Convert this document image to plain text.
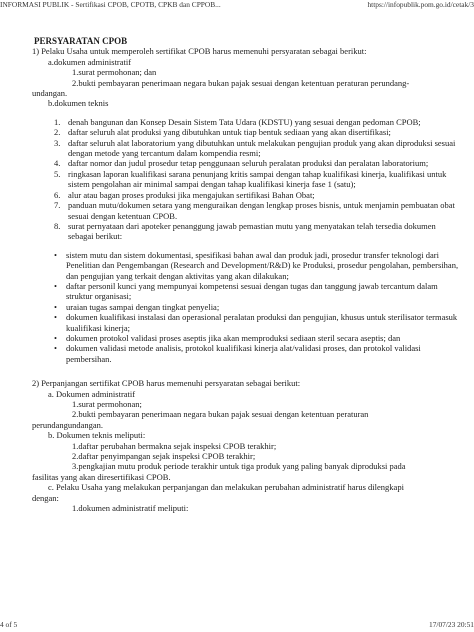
INFORMASI PUBLIK - Sertifikasi CPOB, CPOTB, CPKB dan CPPOB...	https://infopublik.pom.go.id/cetak/3

PERSYARATAN CPOB

1) Pelaku Usaha untuk memperoleh sertifikat CPOB harus memenuhi persyaratan sebagai berikut:

a.dokumen administratif

1.surat permohonan; dan

2.bukti pembayaran penerimaan negara bukan pajak sesuai dengan ketentuan peraturan perundang-

undangan.

b.dokumen teknis

1. denah bangunan dan Konsep Desain Sistem Tata Udara (KDSTU) yang sesuai dengan pedoman CPOB;
2. daftar seluruh alat produksi yang dibutuhkan untuk tiap bentuk sediaan yang akan disertifikasi;
3. daftar seluruh alat laboratorium yang dibutuhkan untuk melakukan pengujian produk yang akan diproduksi sesuai dengan metode yang tercantum dalam kompendia resmi;
4. daftar nomor dan judul prosedur tetap penggunaan seluruh peralatan produksi dan peralatan laboratorium;
5. ringkasan laporan kualifikasi sarana penunjang kritis sampai dengan tahap kualifikasi kinerja, kualifikasi untuk sistem pengolahan air minimal sampai dengan tahap kualifikasi kinerja fase 1 (satu);
6. alur atau bagan proses produksi jika mengajukan sertifikasi Bahan Obat;
7. panduan mutu/dokumen setara yang menguraikan dengan lengkap proses bisnis, untuk menjamin pembuatan obat sesuai dengan ketentuan CPOB.
8. surat pernyataan dari apoteker penanggung jawab pemastian mutu yang menyatakan telah tersedia dokumen sebagai berikut:
•	sistem mutu dan sistem dokumentasi, spesifikasi bahan awal dan produk jadi, prosedur transfer teknologi dari Penelitian dan Pengembangan (Research and Development/R&D) ke Produksi, prosedur pengolahan, pembersihan, dan pengujian yang terkait dengan aktivitas yang akan dilakukan;
•	daftar personil kunci yang mempunyai kompetensi sesuai dengan tugas dan tanggung jawab tercantum dalam struktur organisasi;
•	uraian tugas sampai dengan tingkat penyelia;
•	dokumen kualifikasi instalasi dan operasional peralatan produksi dan pengujian, khusus untuk sterilisator termasuk kualifikasi kinerja;
•	dokumen protokol validasi proses aseptis jika akan memproduksi sediaan steril secara aseptis; dan
•	dokumen validasi metode analisis, protokol kualifikasi kinerja alat/validasi proses, dan protokol validasi pembersihan.

2) Perpanjangan sertifikat CPOB harus memenuhi persyaratan sebagai berikut:

a. Dokumen administratif

1.surat permohonan;

2.bukti pembayaran penerimaan negara bukan pajak sesuai dengan ketentuan peraturan

perundangundangan.

b. Dokumen teknis meliputi:

1.daftar perubahan bermakna sejak inspeksi CPOB terakhir;

2.daftar penyimpangan sejak inspeksi CPOB terakhir;

3.pengkajian mutu produk periode terakhir untuk tiga produk yang paling banyak diproduksi pada

fasilitas yang akan diresertifikasi CPOB.

c. Pelaku Usaha yang melakukan perpanjangan dan melakukan perubahan administratif harus dilengkapi

dengan:

1.dokumen administratif meliputi:

4 of 5	17/07/23 20:51
